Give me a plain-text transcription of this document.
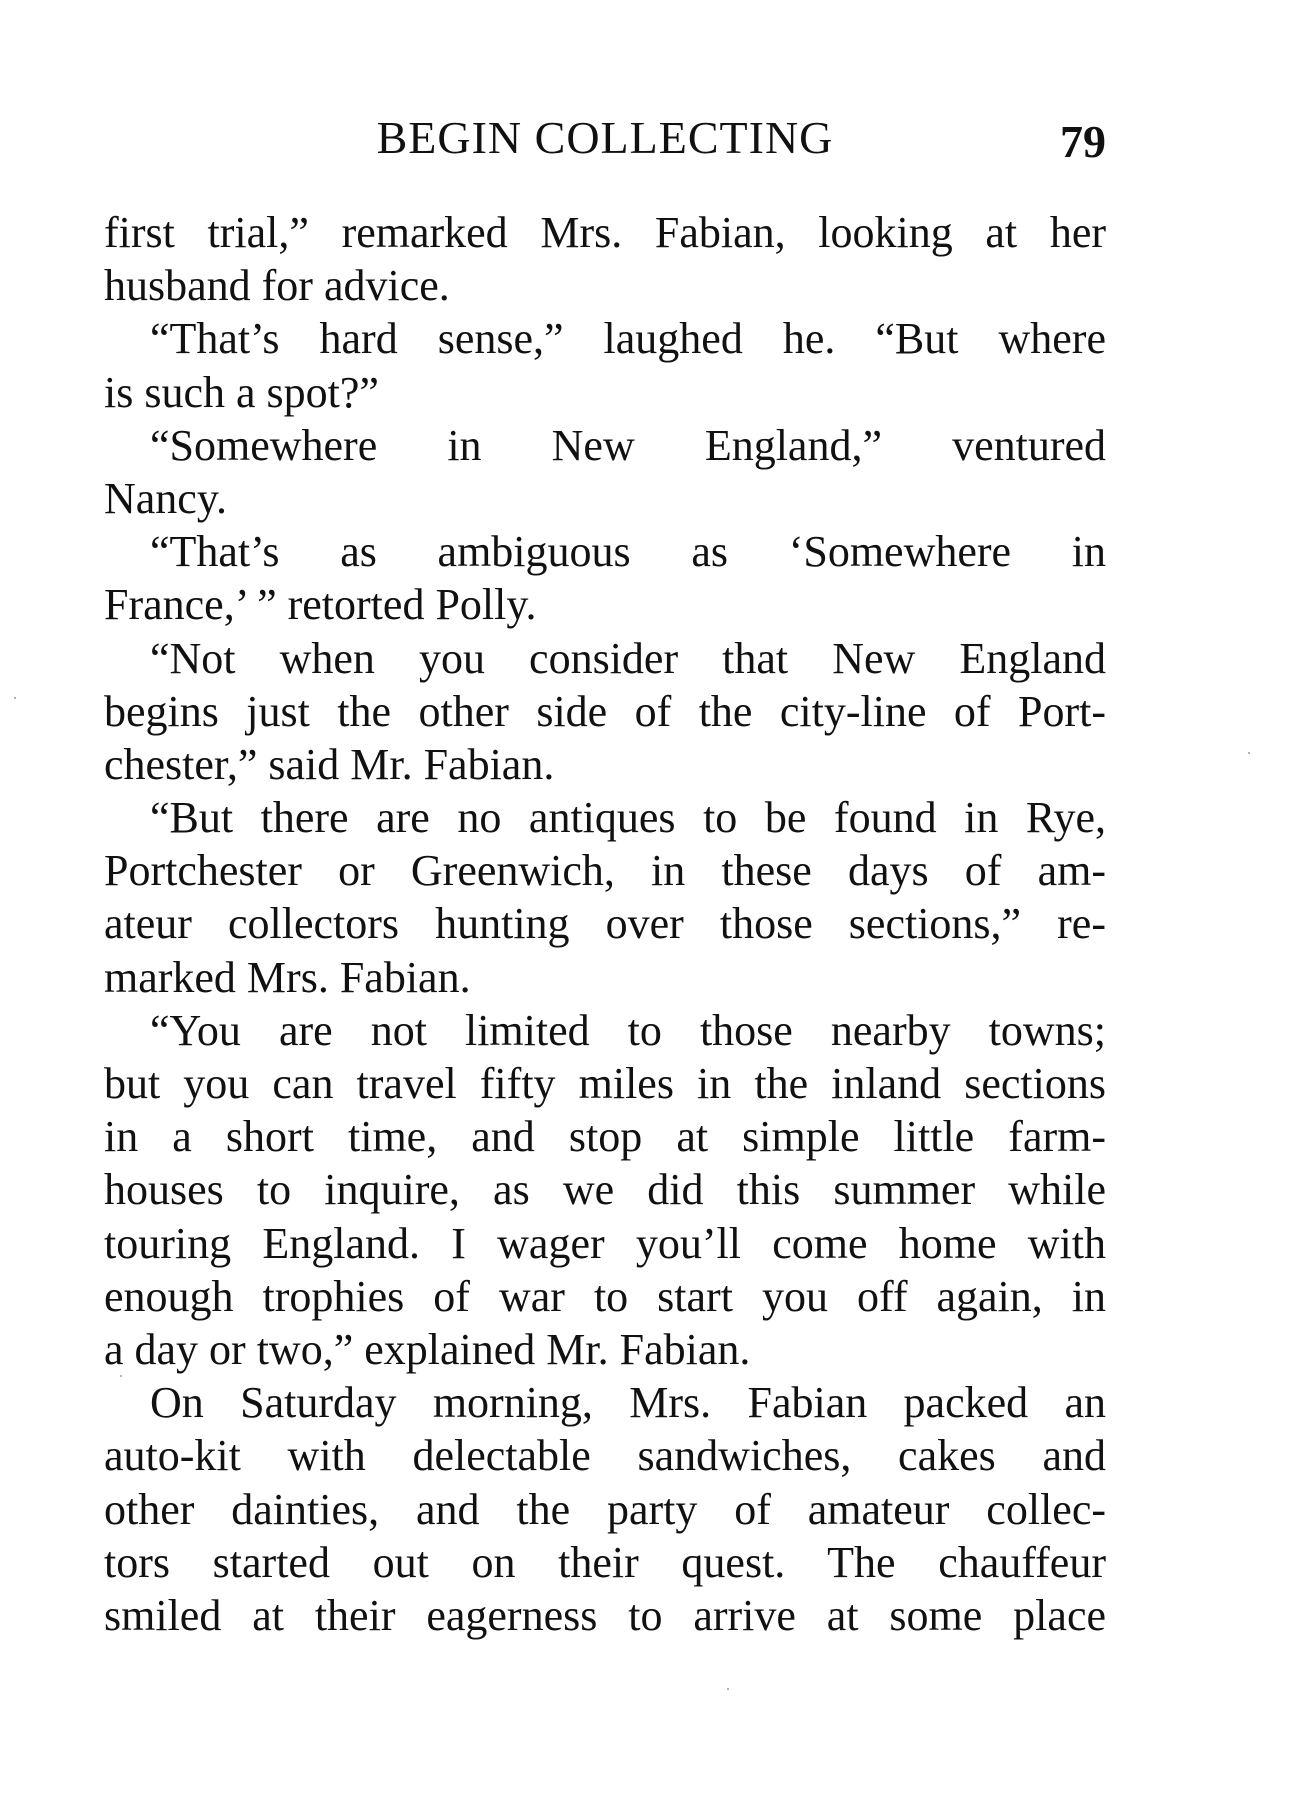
BEGIN COLLECTING	79
first trial,” remarked Mrs. Fabian, looking at her
husband for advice.
“That’s hard sense,” laughed he. “But where
is such a spot?”
“Somewhere in New England,” ventured
Nancy.
“That’s as ambiguous as ‘Somewhere in
France,’ ” retorted Polly.
“Not when you consider that New England
begins just the other side of the city-line of Port-
chester,” said Mr. Fabian.
“But there are no antiques to be found in Rye,
Portchester or Greenwich, in these days of am-
ateur collectors hunting over those sections,” re-
marked Mrs. Fabian.
“You are not limited to those nearby towns;
but you can travel fifty miles in the inland sections
in a short time, and stop at simple little farm-
houses to inquire, as we did this summer while
touring England. I wager you’ll come home with
enough trophies of war to start you off again, in
a day or two,” explained Mr. Fabian.
On Saturday morning, Mrs. Fabian packed an
auto-kit with delectable sandwiches, cakes and
other dainties, and the party of amateur collec-
tors started out on their quest. The chauffeur
smiled at their eagerness to arrive at some place
